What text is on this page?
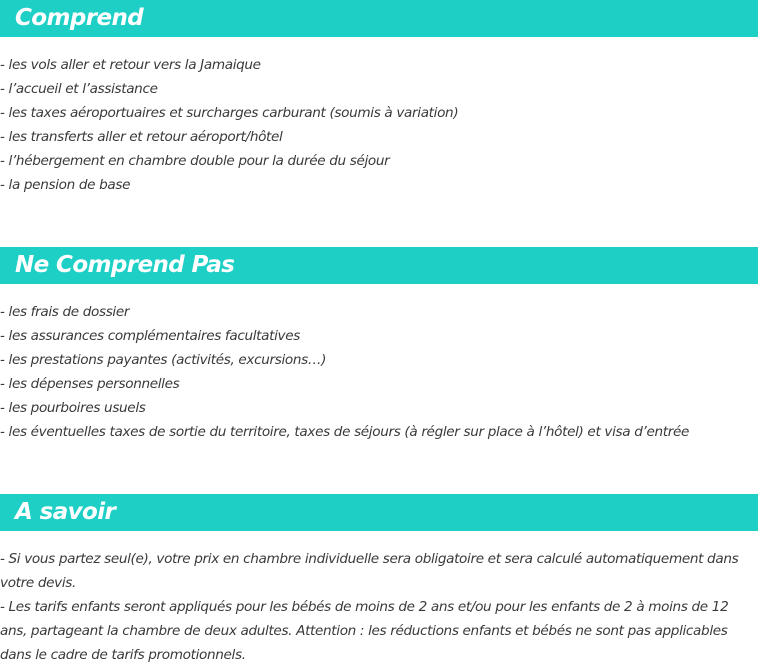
Comprend
- les vols aller et retour vers la Jamaique
- l’accueil et l’assistance
- les taxes aéroportuaires et surcharges carburant (soumis à variation)
- les transferts aller et retour aéroport/hôtel
- l’hébergement en chambre double pour la durée du séjour
- la pension de base
Ne Comprend Pas
- les frais de dossier
- les assurances complémentaires facultatives
- les prestations payantes (activités, excursions…)
- les dépenses personnelles
- les pourboires usuels
- les éventuelles taxes de sortie du territoire, taxes de séjours (à régler sur place à l’hôtel) et visa d’entrée
A savoir
- Si vous partez seul(e), votre prix en chambre individuelle sera obligatoire et sera calculé automatiquement dans votre devis.
- Les tarifs enfants seront appliqués pour les bébés de moins de 2 ans et/ou pour les enfants de 2 à moins de 12 ans, partageant la chambre de deux adultes. Attention : les réductions enfants et bébés ne sont pas applicables dans le cadre de tarifs promotionnels.
